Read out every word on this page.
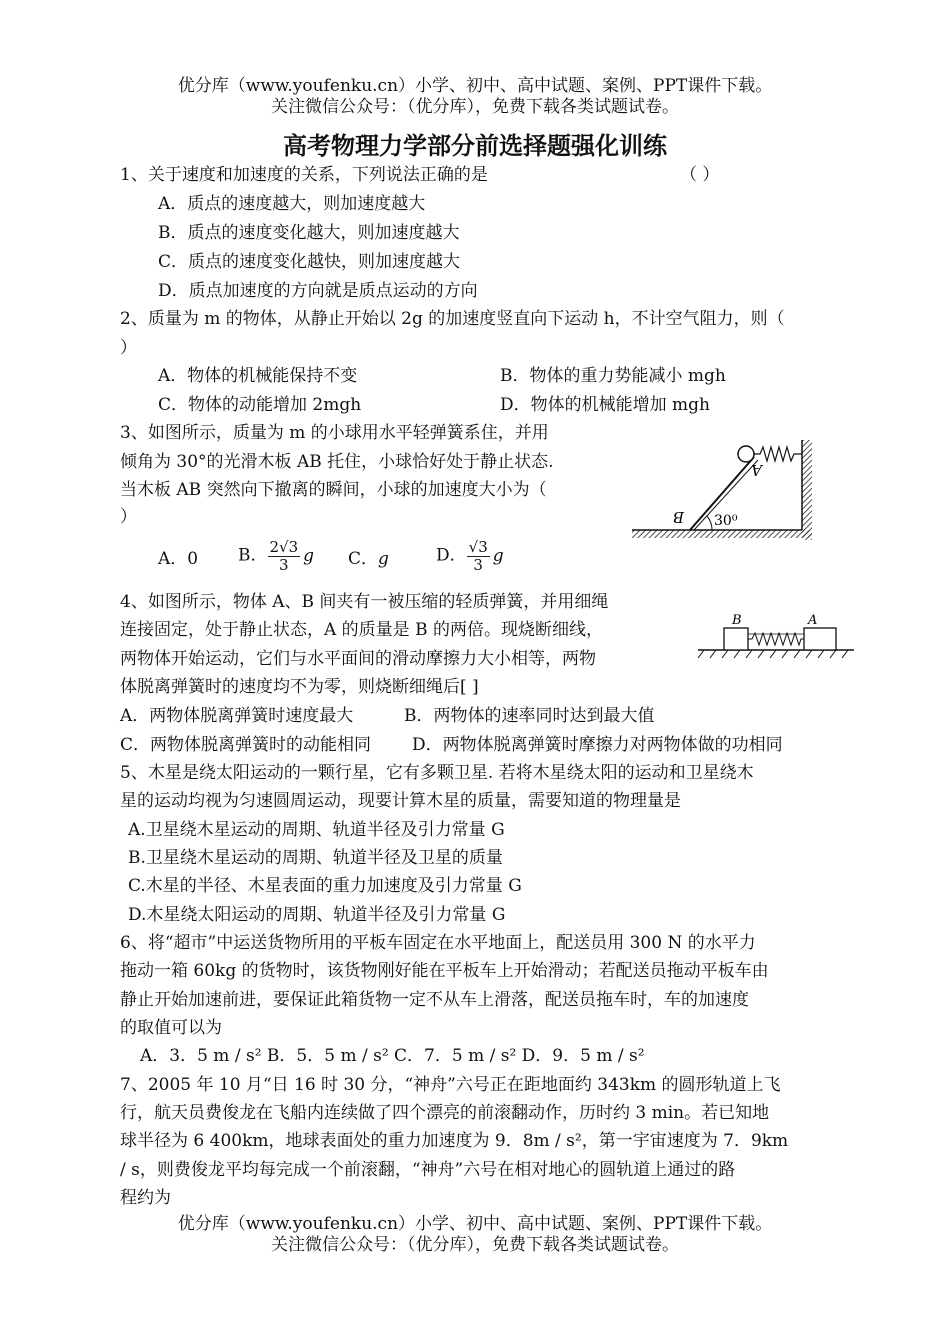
优分库（www.youfenku.cn）小学、初中、高中试题、案例、PPT课件下载。
关注微信公众号：（优分库），免费下载各类试题试卷。
高考物理力学部分前选择题强化训练
1、关于速度和加速度的关系，下列说法正确的是	（ ）
A．质点的速度越大，则加速度越大
B．质点的速度变化越大，则加速度越大
C．质点的速度变化越快，则加速度越大
D．质点加速度的方向就是质点运动的方向
2、质量为 m 的物体，从静止开始以 2g 的加速度竖直向下运动 h，不计空气阻力，则（
）
A．物体的机械能保持不变	B．物体的重力势能减小 mgh
C．物体的动能增加 2mgh	D．物体的机械能增加 mgh
3、如图所示，质量为 m 的小球用水平轻弹簧系住，并用
倾角为 30°的光滑木板 AB 托住，小球恰好处于静止状态.
当木板 AB 突然向下撤离的瞬间，小球的加速度大小为（
）
A
B 30⁰
A．0 B． $\frac{2√3}{3}$ g C．g	D． $\frac{√3}{3}$ g
4、如图所示，物体 A、B 间夹有一被压缩的轻质弹簧，并用细绳
连接固定，处于静止状态，A 的质量是 B 的两倍。现烧断细线，
两物体开始运动，它们与水平面间的滑动摩擦力大小相等，两物
体脱离弹簧时的速度均不为零，则烧断细绳后[ ]
B	A
A．两物体脱离弹簧时速度最大	B．两物体的速率同时达到最大值
C．两物体脱离弹簧时的动能相同 D．两物体脱离弹簧时摩擦力对两物体做的功相同
5、木星是绕太阳运动的一颗行星，它有多颗卫星. 若将木星绕太阳的运动和卫星绕木
星的运动均视为匀速圆周运动，现要计算木星的质量，需要知道的物理量是
A.卫星绕木星运动的周期、轨道半径及引力常量 G
B.卫星绕木星运动的周期、轨道半径及卫星的质量
C.木星的半径、木星表面的重力加速度及引力常量 G
D.木星绕太阳运动的周期、轨道半径及引力常量 G
6、将“超市”中运送货物所用的平板车固定在水平地面上，配送员用 300 N 的水平力
拖动一箱 60kg 的货物时，该货物刚好能在平板车上开始滑动；若配送员拖动平板车由
静止开始加速前进，要保证此箱货物一定不从车上滑落，配送员拖车时，车的加速度
的取值可以为
A．3．5 m / s² B．5．5 m / s² C．7．5 m / s² D．9．5 m / s²
7、2005 年 10 月“日 16 时 30 分，“神舟”六号正在距地面约 343km 的圆形轨道上飞
行，航天员费俊龙在飞船内连续做了四个漂亮的前滚翻动作，历时约 3 min。若已知地
球半径为 6 400km，地球表面处的重力加速度为 9．8m / s²，第一宇宙速度为 7．9km
/ s，则费俊龙平均每完成一个前滚翻，“神舟”六号在相对地心的圆轨道上通过的路
程约为
优分库（www.youfenku.cn）小学、初中、高中试题、案例、PPT课件下载。
关注微信公众号：（优分库），免费下载各类试题试卷。
